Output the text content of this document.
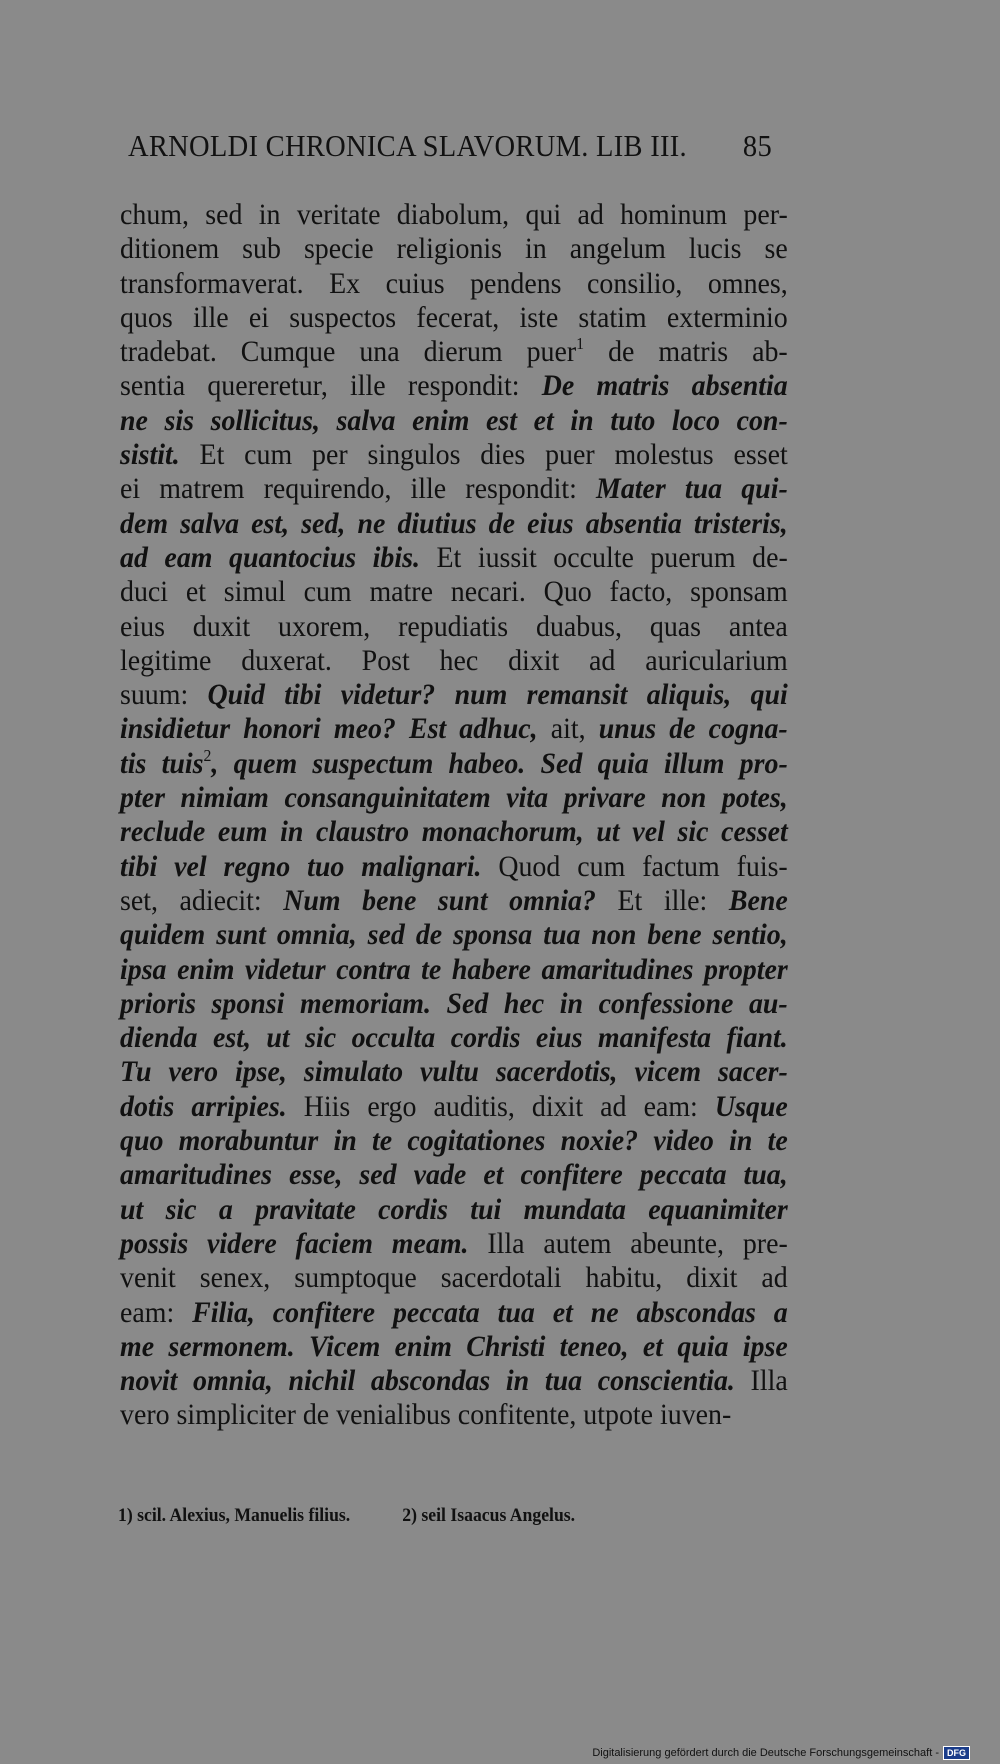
ARNOLDI CHRONICA SLAVORUM. LIB III. 85
chum, sed in veritate diabolum, qui ad hominum per-
ditionem sub specie religionis in angelum lucis se
transformaverat. Ex cuius pendens consilio, omnes,
quos ille ei suspectos fecerat, iste statim exterminio
tradebat. Cumque una dierum puer$^1$ de matris ab-
sentia quereretur, ille respondit: De matris absentia
ne sis sollicitus, salva enim est et in tuto loco con-
sistit. Et cum per singulos dies puer molestus esset
ei matrem requirendo, ille respondit: Mater tua qui-
dem salva est, sed, ne diutius de eius absentia tristeris,
ad eam quantocius ibis. Et iussit occulte puerum de-
duci et simul cum matre necari. Quo facto, sponsam
eius duxit uxorem, repudiatis duabus, quas antea
legitime duxerat. Post hec dixit ad auricularium
suum: Quid tibi videtur? num remansit aliquis, qui
insidietur honori meo? Est adhuc, ait, unus de cogna-
tis tuis$^2$, quem suspectum habeo. Sed quia illum pro-
pter nimiam consanguinitatem vita privare non potes,
reclude eum in claustro monachorum, ut vel sic cesset
tibi vel regno tuo malignari. Quod cum factum fuis-
set, adiecit: Num bene sunt omnia? Et ille: Bene
quidem sunt omnia, sed de sponsa tua non bene sentio,
ipsa enim videtur contra te habere amaritudines propter
prioris sponsi memoriam. Sed hec in confessione au-
dienda est, ut sic occulta cordis eius manifesta fiant.
Tu vero ipse, simulato vultu sacerdotis, vicem sacer-
dotis arripies. Hiis ergo auditis, dixit ad eam: Usque
quo morabuntur in te cogitationes noxie? video in te
amaritudines esse, sed vade et confitere peccata tua,
ut sic a pravitate cordis tui mundata equanimiter
possis videre faciem meam. Illa autem abeunte, pre-
venit senex, sumptoque sacerdotali habitu, dixit ad
eam: Filia, confitere peccata tua et ne abscondas a
me sermonem. Vicem enim Christi teneo, et quia ipse
novit omnia, nichil abscondas in tua conscientia. Illa
vero simpliciter de venialibus confitente, utpote iuven-
1) scil. Alexius, Manuelis filius.	2) seil Isaacus Angelus.
Digitalisierung gefördert durch die Deutsche Forschungsgemeinschaft - DFG
